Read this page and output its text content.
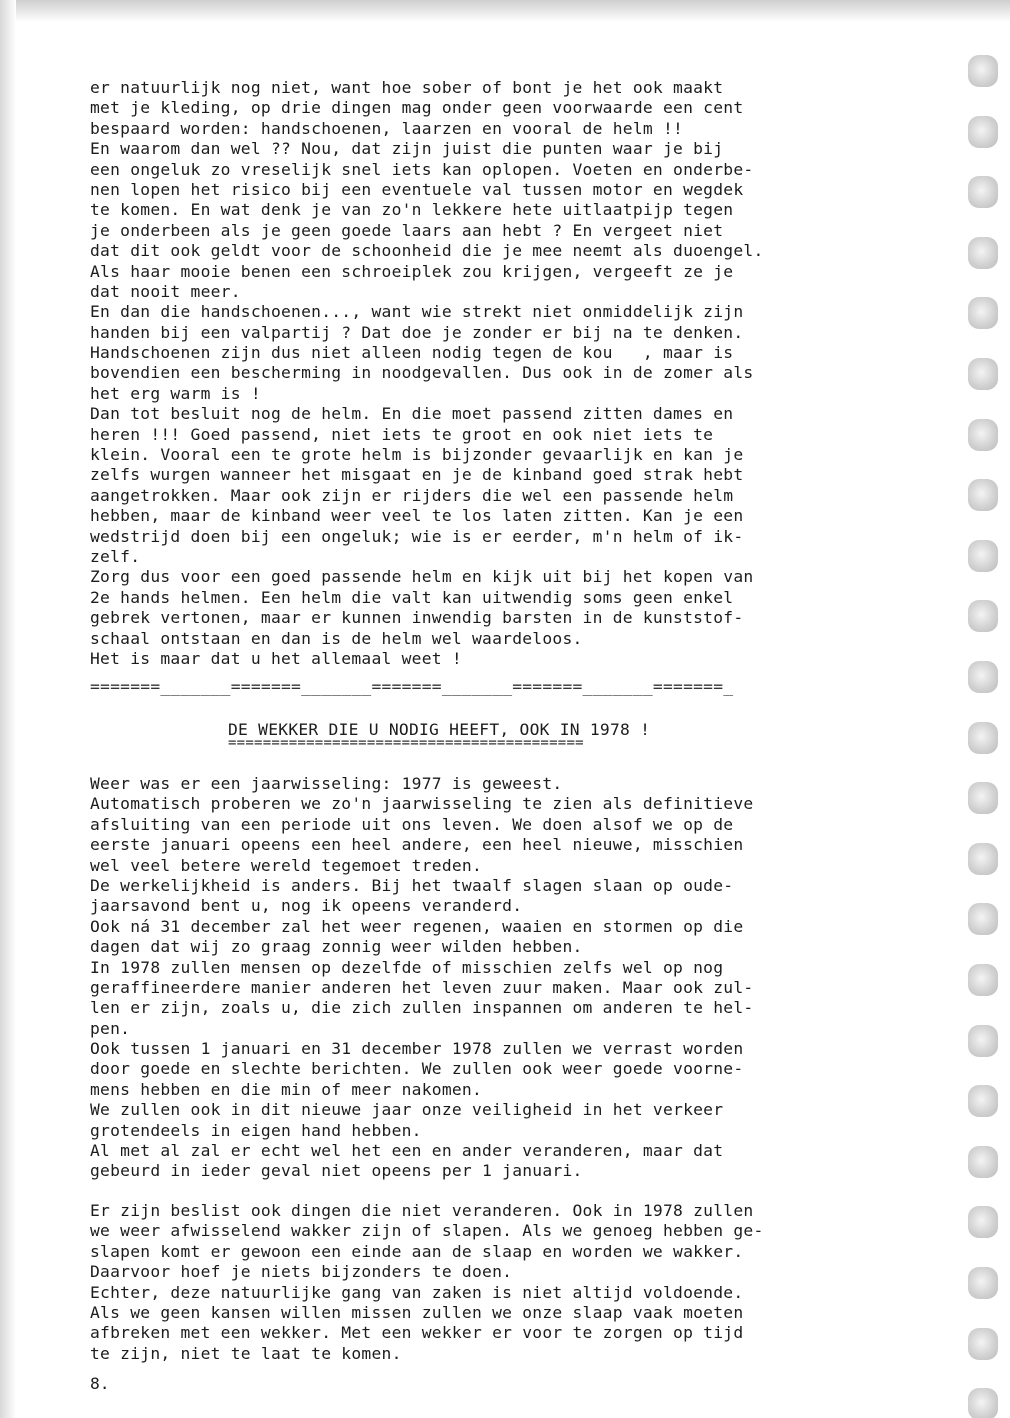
er natuurlijk nog niet, want hoe sober of bont je het ook maakt
met je kleding, op drie dingen mag onder geen voorwaarde een cent
bespaard worden: handschoenen, laarzen en vooral de helm !!
En waarom dan wel ?? Nou, dat zijn juist die punten waar je bij
een ongeluk zo vreselijk snel iets kan oplopen. Voeten en onderbe-
nen lopen het risico bij een eventuele val tussen motor en wegdek
te komen. En wat denk je van zo'n lekkere hete uitlaatpijp tegen
je onderbeen als je geen goede laars aan hebt ? En vergeet niet
dat dit ook geldt voor de schoonheid die je mee neemt als duoengel.
Als haar mooie benen een schroeiplek zou krijgen, vergeeft ze je
dat nooit meer.
En dan die handschoenen..., want wie strekt niet onmiddelijk zijn
handen bij een valpartij ? Dat doe je zonder er bij na te denken.
Handschoenen zijn dus niet alleen nodig tegen de kou   , maar is
bovendien een bescherming in noodgevallen. Dus ook in de zomer als
het erg warm is !
Dan tot besluit nog de helm. En die moet passend zitten dames en
heren !!! Goed passend, niet iets te groot en ook niet iets te
klein. Vooral een te grote helm is bijzonder gevaarlijk en kan je
zelfs wurgen wanneer het misgaat en je de kinband goed strak hebt
aangetrokken. Maar ook zijn er rijders die wel een passende helm
hebben, maar de kinband weer veel te los laten zitten. Kan je een
wedstrijd doen bij een ongeluk; wie is er eerder, m'n helm of ik-
zelf.
Zorg dus voor een goed passende helm en kijk uit bij het kopen van
2e hands helmen. Een helm die valt kan uitwendig soms geen enkel
gebrek vertonen, maar er kunnen inwendig barsten in de kunststof-
schaal ontstaan en dan is de helm wel waardeloos.
Het is maar dat u het allemaal weet !
=======_______=======_______=======_______=======_______=======_
DE WEKKER DIE U NODIG HEEFT, OOK IN 1978 !
=========================================
Weer was er een jaarwisseling: 1977 is geweest.
Automatisch proberen we zo'n jaarwisseling te zien als definitieve
afsluiting van een periode uit ons leven. We doen alsof we op de
eerste januari opeens een heel andere, een heel nieuwe, misschien
wel veel betere wereld tegemoet treden.
De werkelijkheid is anders. Bij het twaalf slagen slaan op oude-
jaarsavond bent u, nog ik opeens veranderd.
Ook ná 31 december zal het weer regenen, waaien en stormen op die
dagen dat wij zo graag zonnig weer wilden hebben.
In 1978 zullen mensen op dezelfde of misschien zelfs wel op nog
geraffineerdere manier anderen het leven zuur maken. Maar ook zul-
len er zijn, zoals u, die zich zullen inspannen om anderen te hel-
pen.
Ook tussen 1 januari en 31 december 1978 zullen we verrast worden
door goede en slechte berichten. We zullen ook weer goede voorne-
mens hebben en die min of meer nakomen.
We zullen ook in dit nieuwe jaar onze veiligheid in het verkeer
grotendeels in eigen hand hebben.
Al met al zal er echt wel het een en ander veranderen, maar dat
gebeurd in ieder geval niet opeens per 1 januari.
Er zijn beslist ook dingen die niet veranderen. Ook in 1978 zullen
we weer afwisselend wakker zijn of slapen. Als we genoeg hebben ge-
slapen komt er gewoon een einde aan de slaap en worden we wakker.
Daarvoor hoef je niets bijzonders te doen.
Echter, deze natuurlijke gang van zaken is niet altijd voldoende.
Als we geen kansen willen missen zullen we onze slaap vaak moeten
afbreken met een wekker. Met een wekker er voor te zorgen op tijd
te zijn, niet te laat te komen.
8.
